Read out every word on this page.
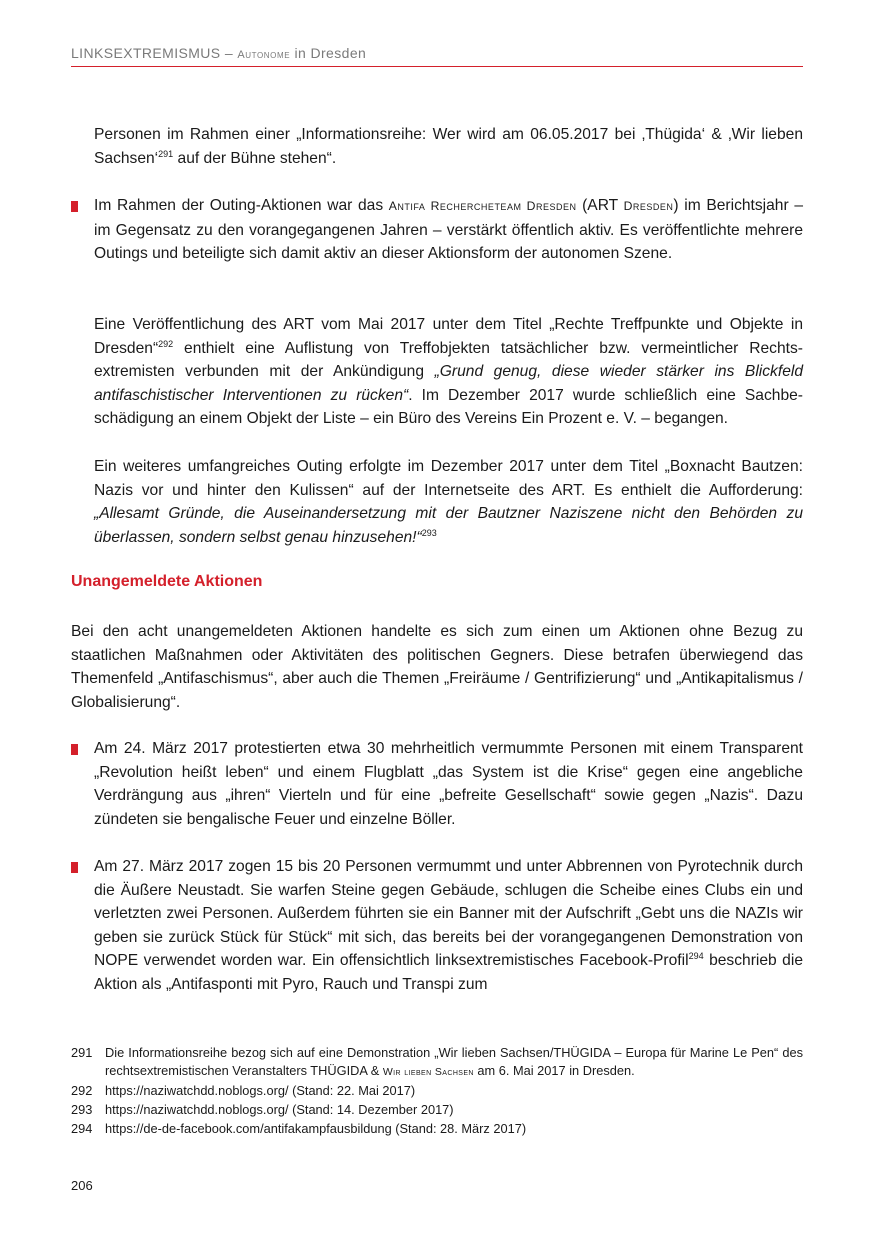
LINKSEXTREMISMUS – Autonome in Dresden

Personen im Rahmen einer „Informationsreihe: Wer wird am 06.05.2017 bei ‚Thügida‘ & ‚Wir lieben Sachsen‘$^{291}$ auf der Bühne stehen“.

Im Rahmen der Outing-Aktionen war das Antifa Rechercheteam Dresden (ART Dresden) im Berichtsjahr – im Gegensatz zu den vorangegangenen Jahren – verstärkt öffentlich aktiv. Es veröffentlichte mehrere Outings und beteiligte sich damit aktiv an dieser Aktionsform der autonomen Szene.

Eine Veröffentlichung des ART vom Mai 2017 unter dem Titel „Rechte Treffpunkte und Objekte in Dresden“$^{292}$ enthielt eine Auflistung von Treffobjekten tatsächlicher bzw. vermeintlicher Rechtsextremisten verbunden mit der Ankündigung „Grund genug, diese wieder stärker ins Blickfeld antifaschistischer Interventionen zu rücken“. Im Dezember 2017 wurde schließlich eine Sachbeschädigung an einem Objekt der Liste – ein Büro des Vereins Ein Prozent e. V. – begangen.

Ein weiteres umfangreiches Outing erfolgte im Dezember 2017 unter dem Titel „Boxnacht Bautzen: Nazis vor und hinter den Kulissen“ auf der Internetseite des ART. Es enthielt die Aufforderung: „Allesamt Gründe, die Auseinandersetzung mit der Bautzner Naziszene nicht den Behörden zu überlassen, sondern selbst genau hinzusehen!“$^{293}$

Unangemeldete Aktionen

Bei den acht unangemeldeten Aktionen handelte es sich zum einen um Aktionen ohne Bezug zu staatlichen Maßnahmen oder Aktivitäten des politischen Gegners. Diese betrafen überwiegend das Themenfeld „Antifaschismus“, aber auch die Themen „Freiräume / Gentrifizierung“ und „Antikapitalismus / Globalisierung“.

Am 24. März 2017 protestierten etwa 30 mehrheitlich vermummte Personen mit einem Transparent „Revolution heißt leben“ und einem Flugblatt „das System ist die Krise“ gegen eine angebliche Verdrängung aus „ihren“ Vierteln und für eine „befreite Gesellschaft“ sowie gegen „Nazis“. Dazu zündeten sie bengalische Feuer und einzelne Böller.

Am 27. März 2017 zogen 15 bis 20 Personen vermummt und unter Abbrennen von Pyrotechnik durch die Äußere Neustadt. Sie warfen Steine gegen Gebäude, schlugen die Scheibe eines Clubs ein und verletzten zwei Personen. Außerdem führten sie ein Banner mit der Aufschrift „Gebt uns die NAZIs wir geben sie zurück Stück für Stück“ mit sich, das bereits bei der vorangegangenen Demonstration von NOPE verwendet worden war. Ein offensichtlich linksextremistisches Facebook-Profil$^{294}$ beschrieb die Aktion als „Antifasponti mit Pyro, Rauch und Transpi zum

291 Die Informationsreihe bezog sich auf eine Demonstration „Wir lieben Sachsen/THÜGIDA – Europa für Marine Le Pen“ des rechtsextremistischen Veranstalters THÜGIDA & Wir lieben Sachsen am 6. Mai 2017 in Dresden.
292 https://naziwatchdd.noblogs.org/ (Stand: 22. Mai 2017)
293 https://naziwatchdd.noblogs.org/ (Stand: 14. Dezember 2017)
294 https://de-de-facebook.com/antifakampfausbildung (Stand: 28. März 2017)
206
